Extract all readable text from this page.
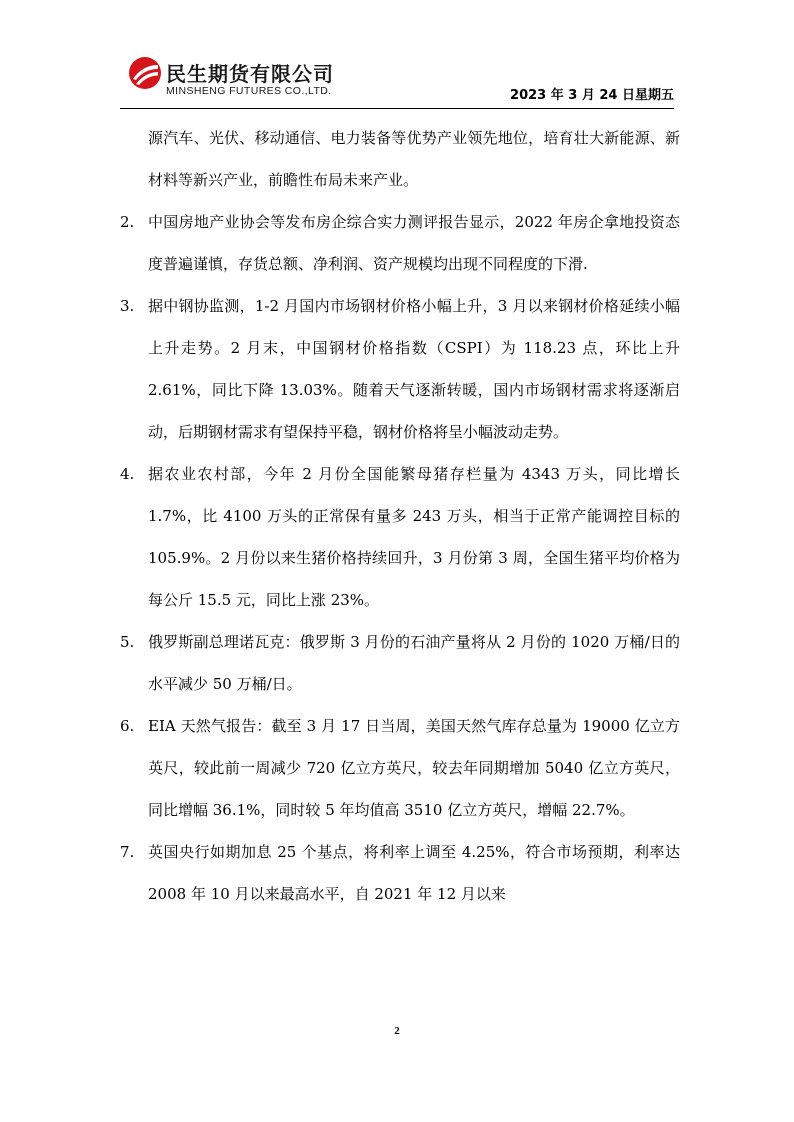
民生期货有限公司
MINSHENG FUTURES CO.,LTD.	2023 年 3 月 24 日星期五

源汽车、光伏、移动通信、电力装备等优势产业领先地位，培育壮大新能源、新材料等新兴产业，前瞻性布局未来产业。

2. 中国房地产业协会等发布房企综合实力测评报告显示，2022 年房企拿地投资态度普遍谨慎，存货总额、净利润、资产规模均出现不同程度的下滑.

3. 据中钢协监测，1-2 月国内市场钢材价格小幅上升，3 月以来钢材价格延续小幅上升走势。2 月末，中国钢材价格指数（CSPI）为 118.23 点，环比上升 2.61%，同比下降 13.03%。随着天气逐渐转暖，国内市场钢材需求将逐渐启动，后期钢材需求有望保持平稳，钢材价格将呈小幅波动走势。

4. 据农业农村部，今年 2 月份全国能繁母猪存栏量为 4343 万头，同比增长 1.7%，比 4100 万头的正常保有量多 243 万头，相当于正常产能调控目标的 105.9%。2 月份以来生猪价格持续回升，3 月份第 3 周，全国生猪平均价格为每公斤 15.5 元，同比上涨 23%。

5. 俄罗斯副总理诺瓦克：俄罗斯 3 月份的石油产量将从 2 月份的 1020 万桶/日的水平减少 50 万桶/日。

6. EIA 天然气报告：截至 3 月 17 日当周，美国天然气库存总量为 19000 亿立方英尺，较此前一周减少 720 亿立方英尺，较去年同期增加 5040 亿立方英尺，同比增幅 36.1%，同时较 5 年均值高 3510 亿立方英尺，增幅 22.7%。

7. 英国央行如期加息 25 个基点，将利率上调至 4.25%，符合市场预期，利率达 2008 年 10 月以来最高水平，自 2021 年 12 月以来

2
